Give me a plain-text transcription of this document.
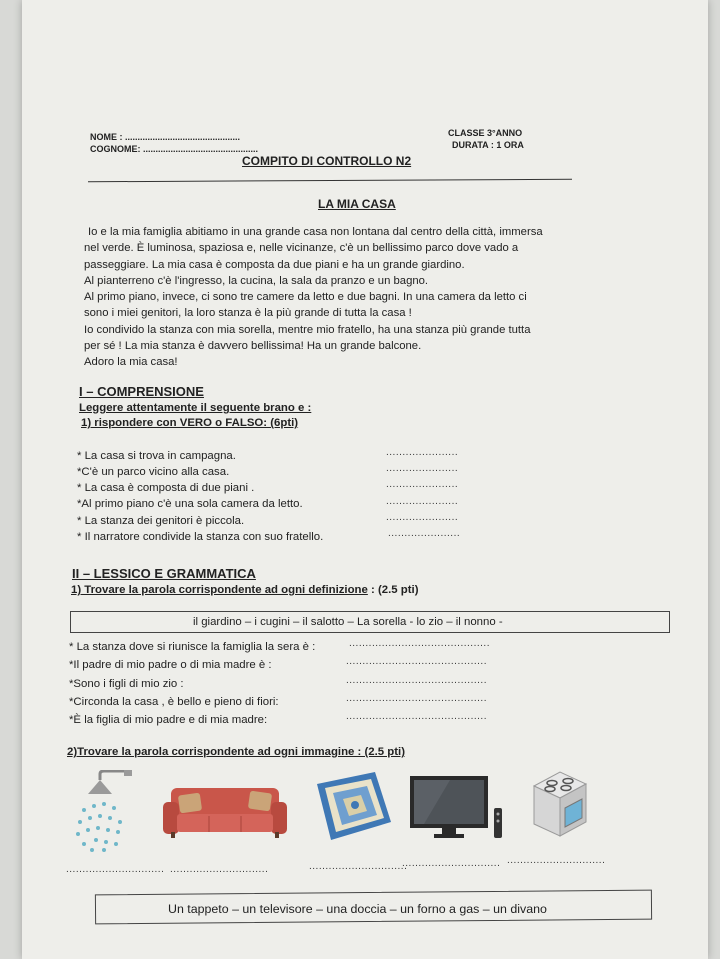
NOME : ..............................................
COGNOME: ..............................................
CLASSE 3°ANNO
DURATA : 1 ORA
COMPITO DI CONTROLLO N2
LA MIA CASA
Io e la mia famiglia abitiamo in una grande casa non lontana dal centro della città, immersa
nel verde. È luminosa, spaziosa e, nelle vicinanze, c'è un bellissimo parco dove vado a
passeggiare. La mia casa è composta da due piani e ha un grande giardino.
Al pianterreno c'è l'ingresso, la cucina, la sala da pranzo e un bagno.
Al primo piano, invece, ci sono tre camere da letto e due bagni. In una camera da letto ci
sono i miei genitori, la loro stanza è la più grande di tutta la casa !
Io condivido la stanza con mia sorella, mentre mio fratello, ha una stanza più grande tutta
per sé ! La mia stanza è davvero bellissima! Ha un grande balcone.
Adoro la mia casa!
I – COMPRENSIONE
Leggere attentamente il seguente brano e :
1) rispondere con VERO o FALSO: (6pti)
* La casa si trova in campagna.
*C'è un parco vicino alla casa.
* La casa è composta di due piani .
*Al primo piano c'è una sola camera da letto.
* La stanza dei genitori è piccola.
* Il narratore condivide la stanza con suo fratello.
......................
......................
......................
......................
......................
......................
II – LESSICO E GRAMMATICA
1) Trovare la parola corrispondente ad ogni definizione : (2.5 pti)
il giardino – i cugini – il salotto – La sorella - lo zio – il nonno -
* La stanza dove si riunisce la famiglia la sera è :
*Il padre di mio padre o di mia madre è :
*Sono i figli di mio zio :
*Circonda la casa , è bello e pieno di fiori:
*È la figlia di mio padre e di mia madre:
...........................................
...........................................
...........................................
...........................................
...........................................
2)Trovare la parola corrispondente ad ogni immagine : (2.5 pti)
.............................. ..............................	..............................
.............................. ..............................
Un tappeto – un televisore – una doccia – un forno a gas – un divano
